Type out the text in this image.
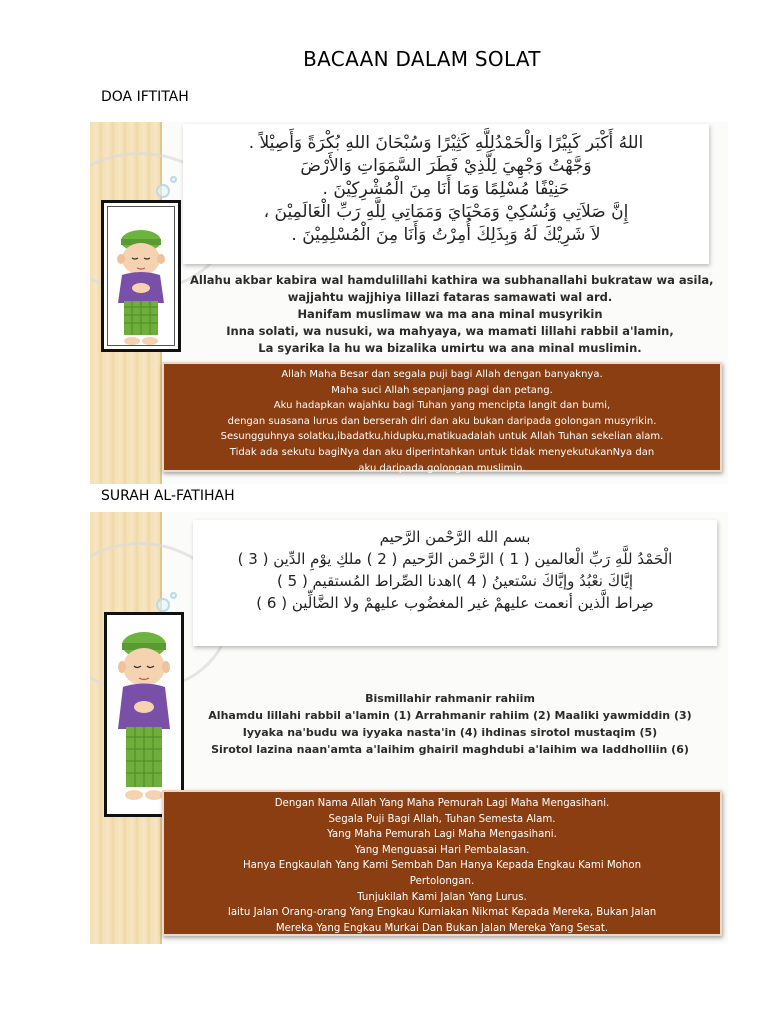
BACAAN DALAM SOLAT
DOA IFTITAH
اللهُ أَكْبَر كَبِيْرًا وَالْحَمْدُلِلَّهِ كَثِيْرًا وَسُبْحَانَ اللهِ بُكْرَةً وَأَصِيْلاً .
وَجَّهْتُ وَجْهِيَ لِلَّذِيْ فَطَرَ السَّمَوَاتِ وَالأَرْضَ
حَنِيْفًا مُسْلِمًا وَمَا أَنَا مِنَ الْمُشْرِكِيْنَ .
إِنَّ صَلاَتِي وَنُسُكِيْ وَمَحْيَايَ وَمَمَاتِي لِلَّهِ رَبِّ الْعَالَمِيْنَ ،
لاَ شَرِيْكَ لَهُ وَبِذَلِكَ أُمِرْتُ وَأَنَا مِنَ الْمُسْلِمِيْنَ .
Allahu akbar kabira wal hamdulillahi kathira wa subhanallahi bukrataw wa asila,
wajjahtu wajjhiya lillazi fataras samawati wal ard.
Hanifam muslimaw wa ma ana minal musyrikin
Inna solati, wa nusuki, wa mahyaya, wa mamati lillahi rabbil a'lamin,
La syarika la hu wa bizalika umirtu wa ana minal muslimin.
Allah Maha Besar dan segala puji bagi Allah dengan banyaknya.
Maha suci Allah sepanjang pagi dan petang.
Aku hadapkan wajahku bagi Tuhan yang mencipta langit dan bumi,
dengan suasana lurus dan berserah diri dan aku bukan daripada golongan musyrikin.
Sesungguhnya solatku,ibadatku,hidupku,matikuadalah untuk Allah Tuhan sekelian alam.
Tidak ada sekutu bagiNya dan aku diperintahkan untuk tidak menyekutukanNya dan
aku daripada golongan muslimin.
SURAH AL-FATIHAH
بسم الله الرَّحْمن الرَّحيم
الْحَمْدُ للَّهِ رَبِّ الْعالمين ( 1 ) الرَّحْمن الرَّحيم ( 2 ) ملكِ يوْمِ الدِّين ( 3 )
إيَّاكَ نعْبُدُ وإيَّاكَ نسْتعينُ ( 4 )اهدنا الصِّراط المُستقيم ( 5 )
صِراط الَّذين أنعمت عليهمْ غير المغضُوب عليهمْ ولا الضَّالِّين ( 6 )
Bismillahir rahmanir rahiim
Alhamdu lillahi rabbil a'lamin (1) Arrahmanir rahiim (2) Maaliki yawmiddin (3)
Iyyaka na'budu wa iyyaka nasta'in (4) ihdinas sirotol mustaqim (5)
Sirotol lazina naan'amta a'laihim ghairil maghdubi a'laihim wa laddholliin (6)
Dengan Nama Allah Yang Maha Pemurah Lagi Maha Mengasihani.
Segala Puji Bagi Allah, Tuhan Semesta Alam.
Yang Maha Pemurah Lagi Maha Mengasihani.
Yang Menguasai Hari Pembalasan.
Hanya Engkaulah Yang Kami Sembah Dan Hanya Kepada Engkau Kami Mohon
Pertolongan.
Tunjukilah Kami Jalan Yang Lurus.
Iaitu Jalan Orang-orang Yang Engkau Kurniakan Nikmat Kepada Mereka, Bukan Jalan
Mereka Yang Engkau Murkai Dan Bukan Jalan Mereka Yang Sesat.
